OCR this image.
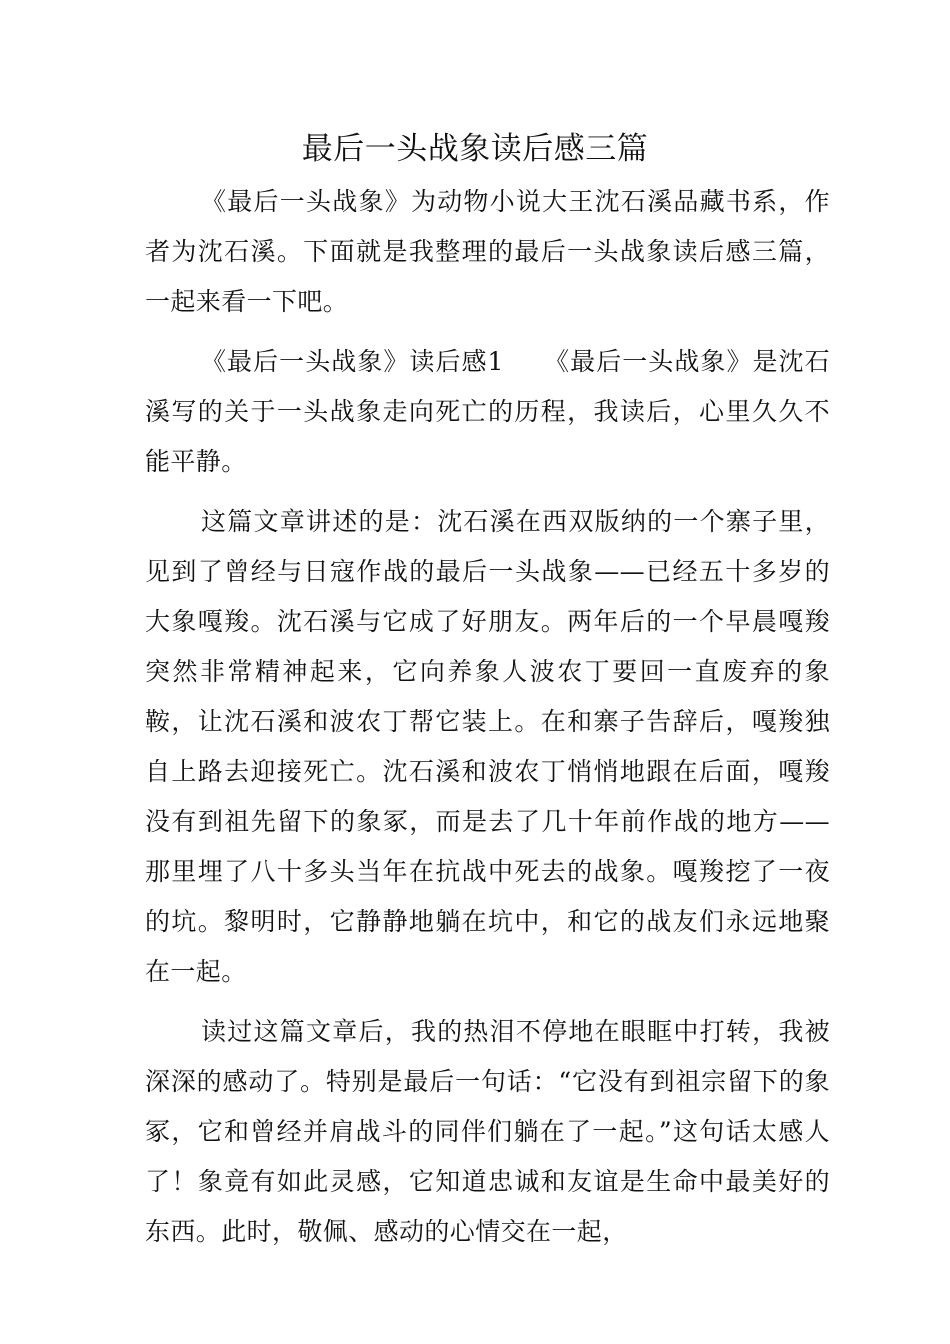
最后一头战象读后感三篇

《最后一头战象》为动物小说大王沈石溪品藏书系，作者为沈石溪。下面就是我整理的最后一头战象读后感三篇，一起来看一下吧。

《最后一头战象》读后感1　　《最后一头战象》是沈石溪写的关于一头战象走向死亡的历程，我读后，心里久久不能平静。

这篇文章讲述的是：沈石溪在西双版纳的一个寨子里，见到了曾经与日寇作战的最后一头战象——已经五十多岁的大象嘎羧。沈石溪与它成了好朋友。两年后的一个早晨嘎羧突然非常精神起来，它向养象人波农丁要回一直废弃的象鞍，让沈石溪和波农丁帮它装上。在和寨子告辞后，嘎羧独自上路去迎接死亡。沈石溪和波农丁悄悄地跟在后面，嘎羧没有到祖先留下的象冢，而是去了几十年前作战的地方——那里埋了八十多头当年在抗战中死去的战象。嘎羧挖了一夜的坑。黎明时，它静静地躺在坑中，和它的战友们永远地聚在一起。

读过这篇文章后，我的热泪不停地在眼眶中打转，我被深深的感动了。特别是最后一句话：“它没有到祖宗留下的象冢，它和曾经并肩战斗的同伴们躺在了一起。”这句话太感人了！象竟有如此灵感，它知道忠诚和友谊是生命中最美好的东西。此时，敬佩、感动的心情交在一起，
